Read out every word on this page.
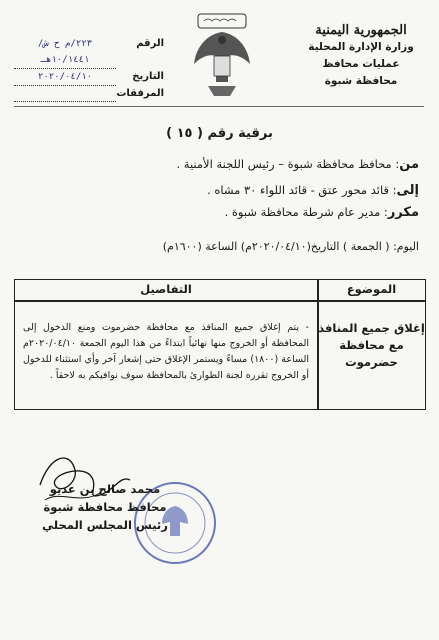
الجمهورية اليمنية
وزارة الإدارة المحلية
عمليات محافظ محافظة شبوة
الرقم
٢٢٣/م ح ش/١٠/١٤٤١هـ
التاريخ
٢٠٢٠/٠٤/١٠
المرفقات
برقية رقم ( ١٥ )
من: محافظ محافظة شبوة – رئيس اللجنة الأمنية .
إلى: قائد محور عتق - قائد اللواء ٣٠ مشاه .
مكرر: مدير عام شرطة محافظة شبوة .
اليوم: ( الجمعة ) التاريخ(٢٠٢٠/٠٤/١٠م) الساعة (١٦٠٠م)
الموضوع
التفاصيل
إغلاق جميع المنافذ مع محافظة حضرموت
- يتم إغلاق جميع المنافذ مع محافظة حضرموت ومنع الدخول إلى المحافظة أو الخروج منها نهائياً ابتداءً من هذا اليوم الجمعة ٢٠٢٠/٠٤/١٠م الساعة (١٨٠٠) مساءً ويستمر الإغلاق حتى إشعار آخر وأي استثناء للدخول أو الخروج تقرره لجنة الطوارئ بالمحافظة سوف نوافيكم به لاحقاً .
محمد صالح بن عديو
محافظ محافظة شبوة
رئيس المجلس المحلي
